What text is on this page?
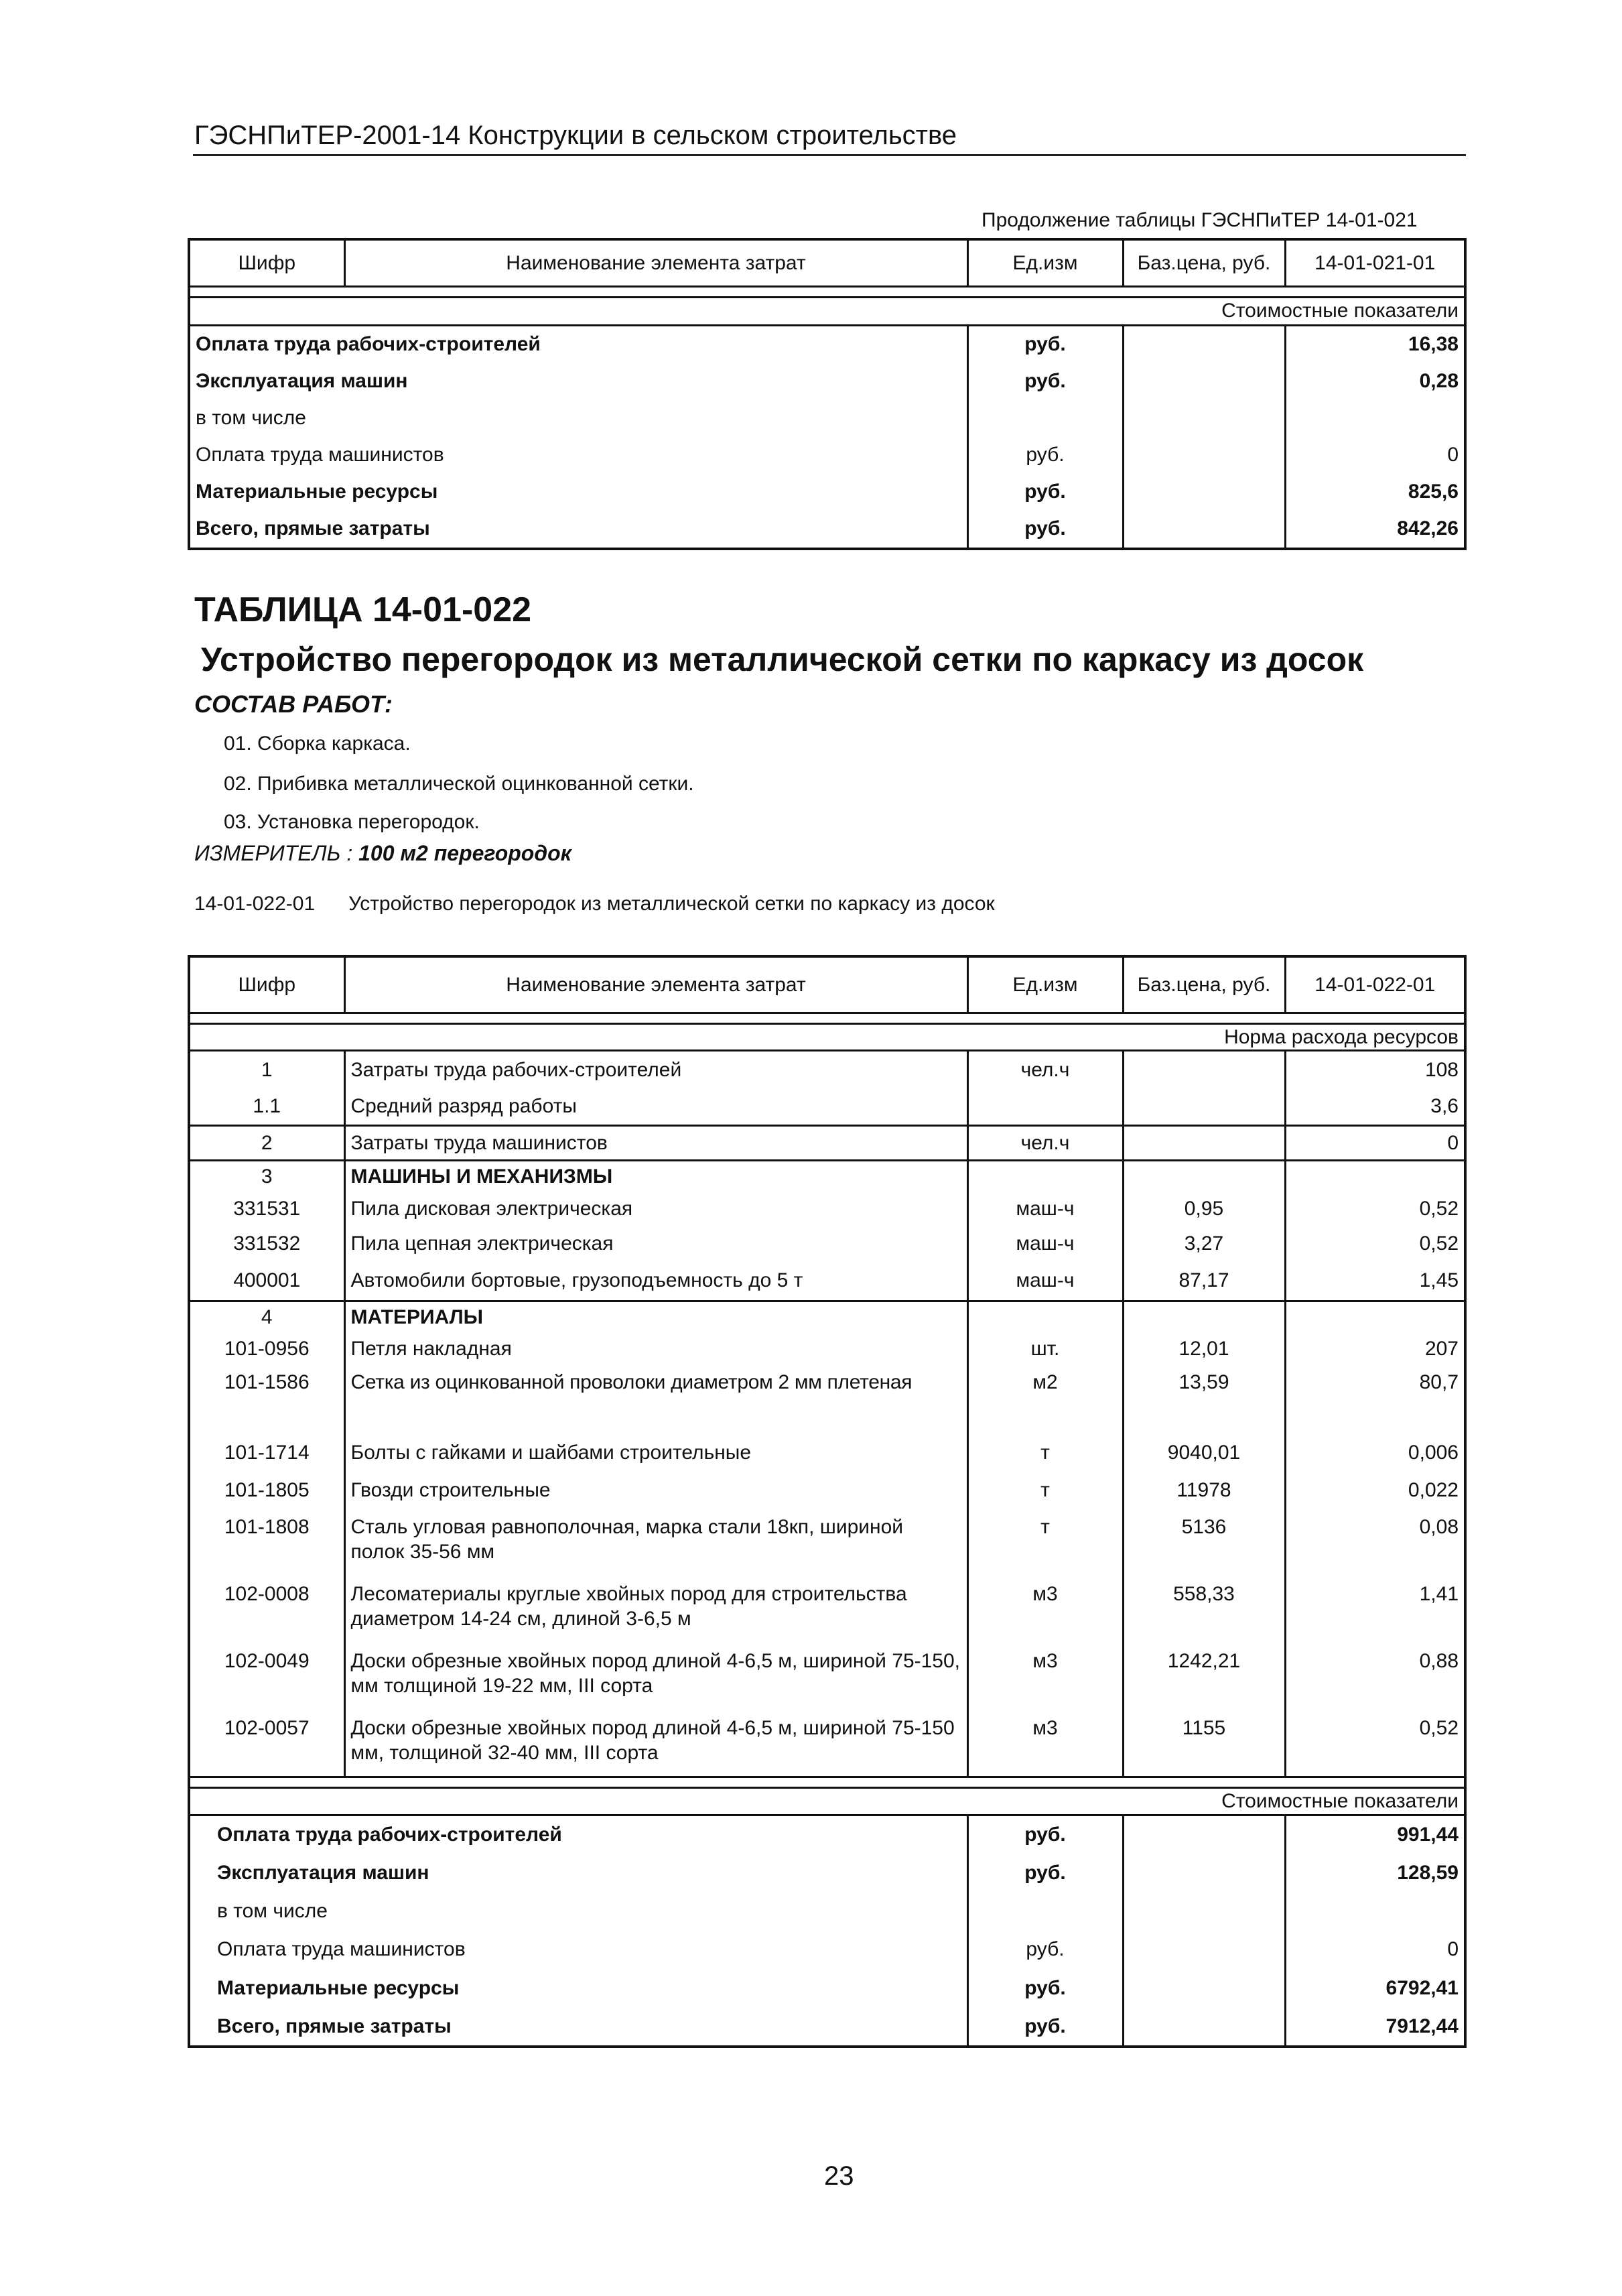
ГЭСНПиТЕР-2001-14 Конструкции в сельском строительстве
Продолжение таблицы ГЭСНПиТЕР 14-01-021
Шифр	Наименование элемента затрат	Ед.изм	Баз.цена, руб.	14-01-021-01

Стоимостные показатели				
Оплата труда рабочих-строителей		руб.		16,38
Эксплуатация машин		руб.		0,28
в том числе				
Оплата труда машинистов		руб.		0
Материальные ресурсы		руб.		825,6
Всего, прямые затраты		руб.		842,26
ТАБЛИЦА 14-01-022
Устройство перегородок из металлической сетки по каркасу из досок
СОСТАВ РАБОТ:
01. Сборка каркаса.
02. Прибивка металлической оцинкованной сетки.
03. Установка перегородок.
ИЗМЕРИТЕЛЬ : 100 м2 перегородок
14-01-022-01 Устройство перегородок из металлической сетки по каркасу из досок
Шифр	Наименование элемента затрат	Ед.изм	Баз.цена, руб.	14-01-022-01

Норма расхода ресурсов				
1	Затраты труда рабочих-строителей	чел.ч		108
1.1	Средний разряд работы			3,6
2	Затраты труда машинистов	чел.ч		0
3	МАШИНЫ И МЕХАНИЗМЫ			
331531	Пила дисковая электрическая	маш-ч	0,95	0,52
331532	Пила цепная электрическая	маш-ч	3,27	0,52
400001	Автомобили бортовые, грузоподъемность до 5 т	маш-ч	87,17	1,45
4	МАТЕРИАЛЫ			
101-0956	Петля накладная	шт.	12,01	207
101-1586	Сетка из оцинкованной проволоки диаметром 2 мм плетеная	м2	13,59	80,7

101-1714	Болты с гайками и шайбами строительные	т	9040,01	0,006
101-1805	Гвозди строительные	т	11978	0,022
101-1808	Сталь угловая равнополочная, марка стали 18кп, шириной полок 35-56 мм	т	5136	0,08
102-0008	Лесоматериалы круглые хвойных пород для строительства диаметром 14-24 см, длиной 3-6,5 м	м3	558,33	1,41
102-0049	Доски обрезные хвойных пород длиной 4-6,5 м, шириной 75-150, мм толщиной 19-22 мм, III сорта	м3	1242,21	0,88
102-0057	Доски обрезные хвойных пород длиной 4-6,5 м, шириной 75-150 мм, толщиной 32-40 мм, III сорта	м3	1155	0,52

Стоимостные показатели				
Оплата труда рабочих-строителей		руб.		991,44
Эксплуатация машин		руб.		128,59
в том числе				
Оплата труда машинистов		руб.		0
Материальные ресурсы		руб.		6792,41
Всего, прямые затраты		руб.		7912,44
23
